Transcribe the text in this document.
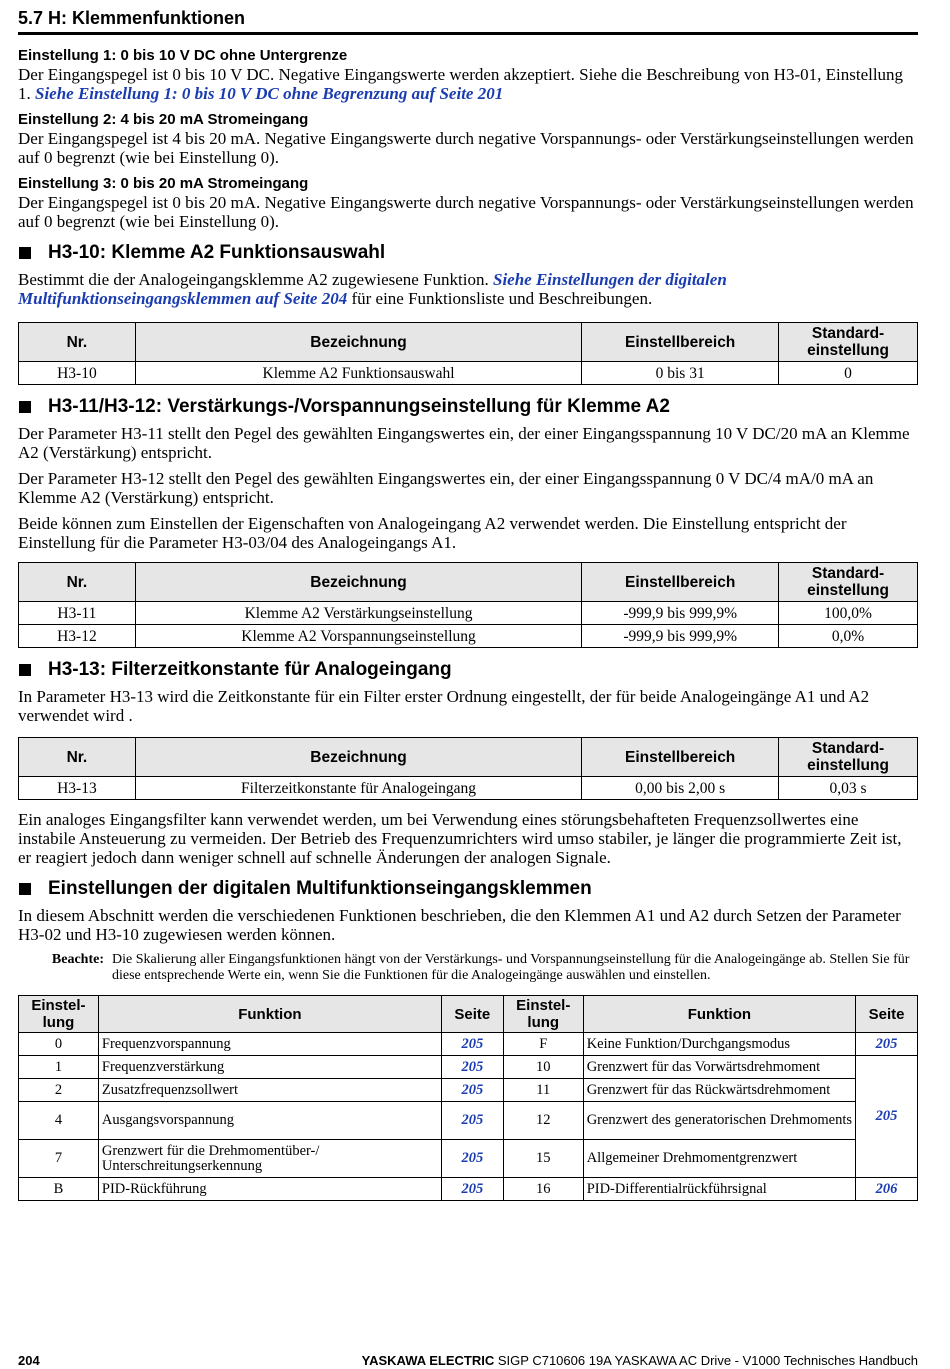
5.7 H: Klemmenfunktionen
Einstellung 1: 0 bis 10 V DC ohne Untergrenze

Der Eingangspegel ist 0 bis 10 V DC. Negative Eingangswerte werden akzeptiert. Siehe die Beschreibung von H3-01, Einstellung 1. Siehe Einstellung 1: 0 bis 10 V DC ohne Begrenzung auf Seite 201

Einstellung 2: 4 bis 20 mA Stromeingang

Der Eingangspegel ist 4 bis 20 mA. Negative Eingangswerte durch negative Vorspannungs- oder Verstärkungseinstellungen werden auf 0 begrenzt (wie bei Einstellung 0).

Einstellung 3: 0 bis 20 mA Stromeingang

Der Eingangspegel ist 0 bis 20 mA. Negative Eingangswerte durch negative Vorspannungs- oder Verstärkungseinstellungen werden auf 0 begrenzt (wie bei Einstellung 0).

H3-10: Klemme A2 Funktionsauswahl

Bestimmt die der Analogeingangsklemme A2 zugewiesene Funktion. Siehe Einstellungen der digitalen Multifunktionseingangsklemmen auf Seite 204 für eine Funktionsliste und Beschreibungen.

Nr.	Bezeichnung	Einstellbereich	Standard-
einstellung
H3-10	Klemme A2 Funktionsauswahl	0 bis 31	0
H3-11/H3-12: Verstärkungs-/Vorspannungseinstellung für Klemme A2

Der Parameter H3-11 stellt den Pegel des gewählten Eingangswertes ein, der einer Eingangsspannung 10 V DC/20 mA an Klemme A2 (Verstärkung) entspricht.

Der Parameter H3-12 stellt den Pegel des gewählten Eingangswertes ein, der einer Eingangsspannung 0 V DC/4 mA/0 mA an Klemme A2 (Verstärkung) entspricht.

Beide können zum Einstellen der Eigenschaften von Analogeingang A2 verwendet werden. Die Einstellung entspricht der Einstellung für die Parameter H3-03/04 des Analogeingangs A1.

Nr.	Bezeichnung	Einstellbereich	Standard-
einstellung
H3-11	Klemme A2 Verstärkungseinstellung	-999,9 bis 999,9%	100,0%
H3-12	Klemme A2 Vorspannungseinstellung	-999,9 bis 999,9%	0,0%
H3-13: Filterzeitkonstante für Analogeingang

In Parameter H3-13 wird die Zeitkonstante für ein Filter erster Ordnung eingestellt, der für beide Analogeingänge A1 und A2 verwendet wird .

Nr.	Bezeichnung	Einstellbereich	Standard-
einstellung
H3-13	Filterzeitkonstante für Analogeingang	0,00 bis 2,00 s	0,03 s

Ein analoges Eingangsfilter kann verwendet werden, um bei Verwendung eines störungsbehafteten Frequenzsollwertes eine instabile Ansteuerung zu vermeiden. Der Betrieb des Frequenzumrichters wird umso stabiler, je länger die programmierte Zeit ist, er reagiert jedoch dann weniger schnell auf schnelle Änderungen der analogen Signale.

Einstellungen der digitalen Multifunktionseingangsklemmen

In diesem Abschnitt werden die verschiedenen Funktionen beschrieben, die den Klemmen A1 und A2 durch Setzen der Parameter H3-02 und H3-10 zugewiesen werden können.

Beachte: Die Skalierung aller Eingangsfunktionen hängt von der Verstärkungs- und Vorspannungseinstellung für die Analogeingänge ab. Stellen Sie für diese entsprechende Werte ein, wenn Sie die Funktionen für die Analogeingänge auswählen und einstellen.
Einstel-
lung	Funktion	Seite	Einstel-
lung	Funktion	Seite
0	Frequenzvorspannung	205	F	Keine Funktion/Durchgangsmodus	205
1	Frequenzverstärkung	205	10	Grenzwert für das Vorwärtsdrehmoment	205
2	Zusatzfrequenzsollwert	205	11	Grenzwert für das Rückwärtsdrehmoment	
4	Ausgangsvorspannung	205	12	Grenzwert des generatorischen Drehmoments	
7	Grenzwert für die Drehmomentüber-/ Unterschreitungserkennung	205	15	Allgemeiner Drehmomentgrenzwert	
B	PID-Rückführung	205	16	PID-Differentialrückführsignal	206
204	YASKAWA ELECTRIC SIGP C710606 19A YASKAWA AC Drive - V1000 Technisches Handbuch
